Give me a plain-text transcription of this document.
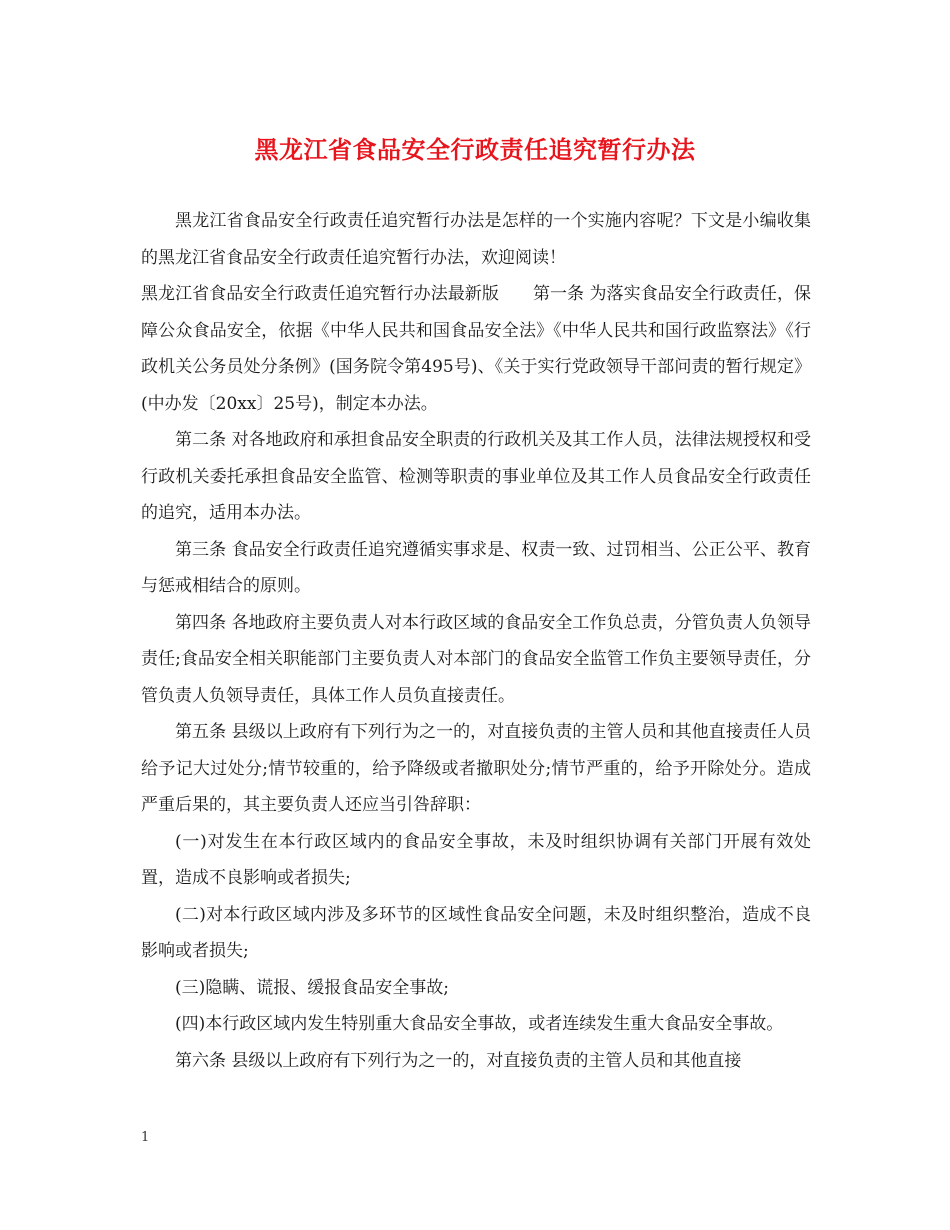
黑龙江省食品安全行政责任追究暂行办法

黑龙江省食品安全行政责任追究暂行办法是怎样的一个实施内容呢？下文是小编收集的黑龙江省食品安全行政责任追究暂行办法，欢迎阅读！

黑龙江省食品安全行政责任追究暂行办法最新版　　第一条 为落实食品安全行政责任，保障公众食品安全，依据《中华人民共和国食品安全法》《中华人民共和国行政监察法》《行政机关公务员处分条例》(国务院令第495号)、《关于实行党政领导干部问责的暂行规定》(中办发〔20xx〕25号)，制定本办法。

第二条 对各地政府和承担食品安全职责的行政机关及其工作人员，法律法规授权和受行政机关委托承担食品安全监管、检测等职责的事业单位及其工作人员食品安全行政责任的追究，适用本办法。

第三条 食品安全行政责任追究遵循实事求是、权责一致、过罚相当、公正公平、教育与惩戒相结合的原则。

第四条 各地政府主要负责人对本行政区域的食品安全工作负总责，分管负责人负领导责任;食品安全相关职能部门主要负责人对本部门的食品安全监管工作负主要领导责任，分管负责人负领导责任，具体工作人员负直接责任。

第五条 县级以上政府有下列行为之一的，对直接负责的主管人员和其他直接责任人员给予记大过处分;情节较重的，给予降级或者撤职处分;情节严重的，给予开除处分。造成严重后果的，其主要负责人还应当引咎辞职：

(一)对发生在本行政区域内的食品安全事故，未及时组织协调有关部门开展有效处置，造成不良影响或者损失;

(二)对本行政区域内涉及多环节的区域性食品安全问题，未及时组织整治，造成不良影响或者损失;

(三)隐瞒、谎报、缓报食品安全事故;

(四)本行政区域内发生特别重大食品安全事故，或者连续发生重大食品安全事故。

第六条 县级以上政府有下列行为之一的，对直接负责的主管人员和其他直接

1
